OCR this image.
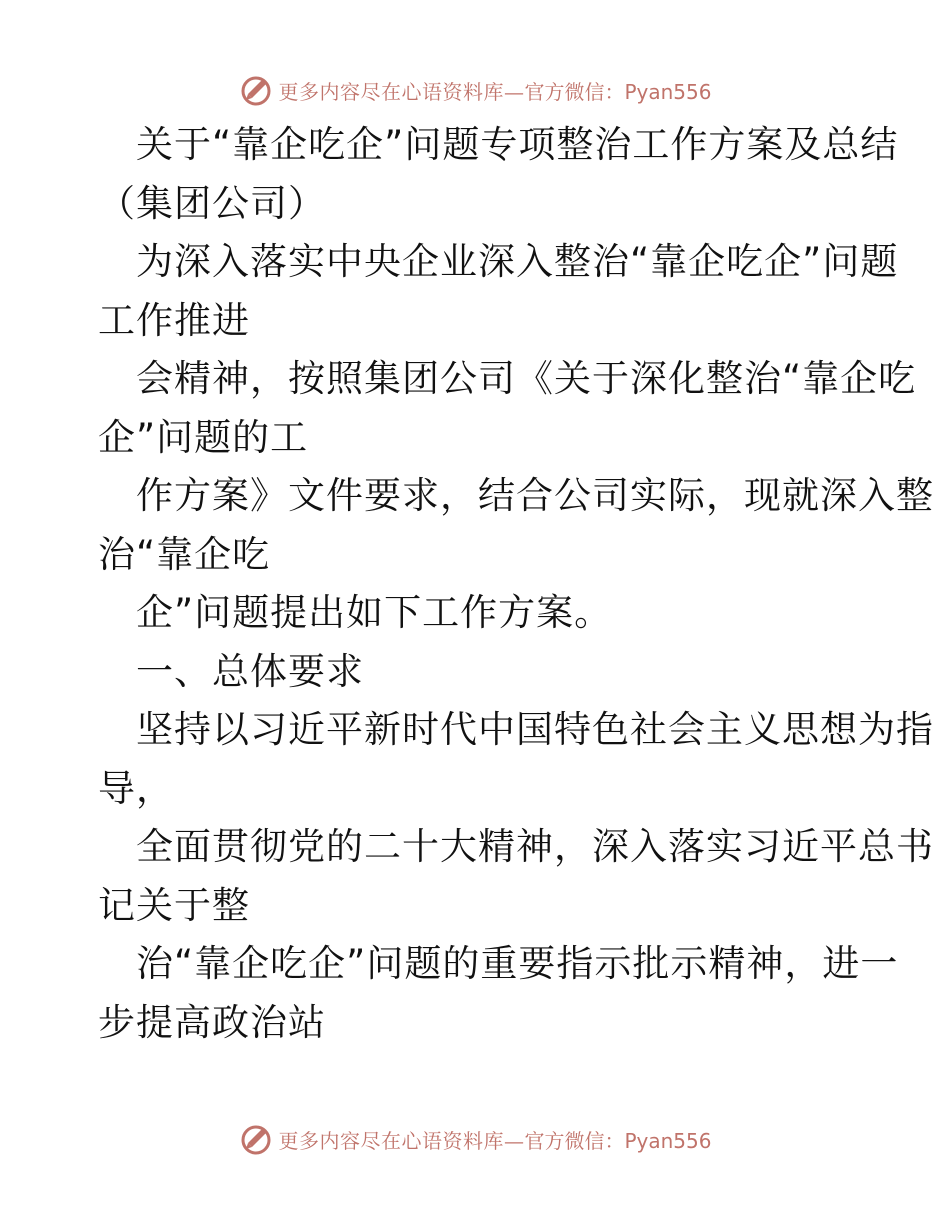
更多内容尽在心语资料库— 官方微信：Pyan556
关于“靠企吃企”问题专项整治工作方案及总结
（集团公司）
为深入落实中央企业深入整治“靠企吃企”问题
工作推进
会精神，按照集团公司《关于深化整治“靠企吃
企”问题的工
作方案》文件要求，结合公司实际，现就深入整
治“靠企吃
企”问题提出如下工作方案。
一、总体要求
坚持以习近平新时代中国特色社会主义思想为指
导，
全面贯彻党的二十大精神，深入落实习近平总书
记关于整
治“靠企吃企”问题的重要指示批示精神，进一
步提高政治站
更多内容尽在心语资料库— 官方微信：Pyan556
